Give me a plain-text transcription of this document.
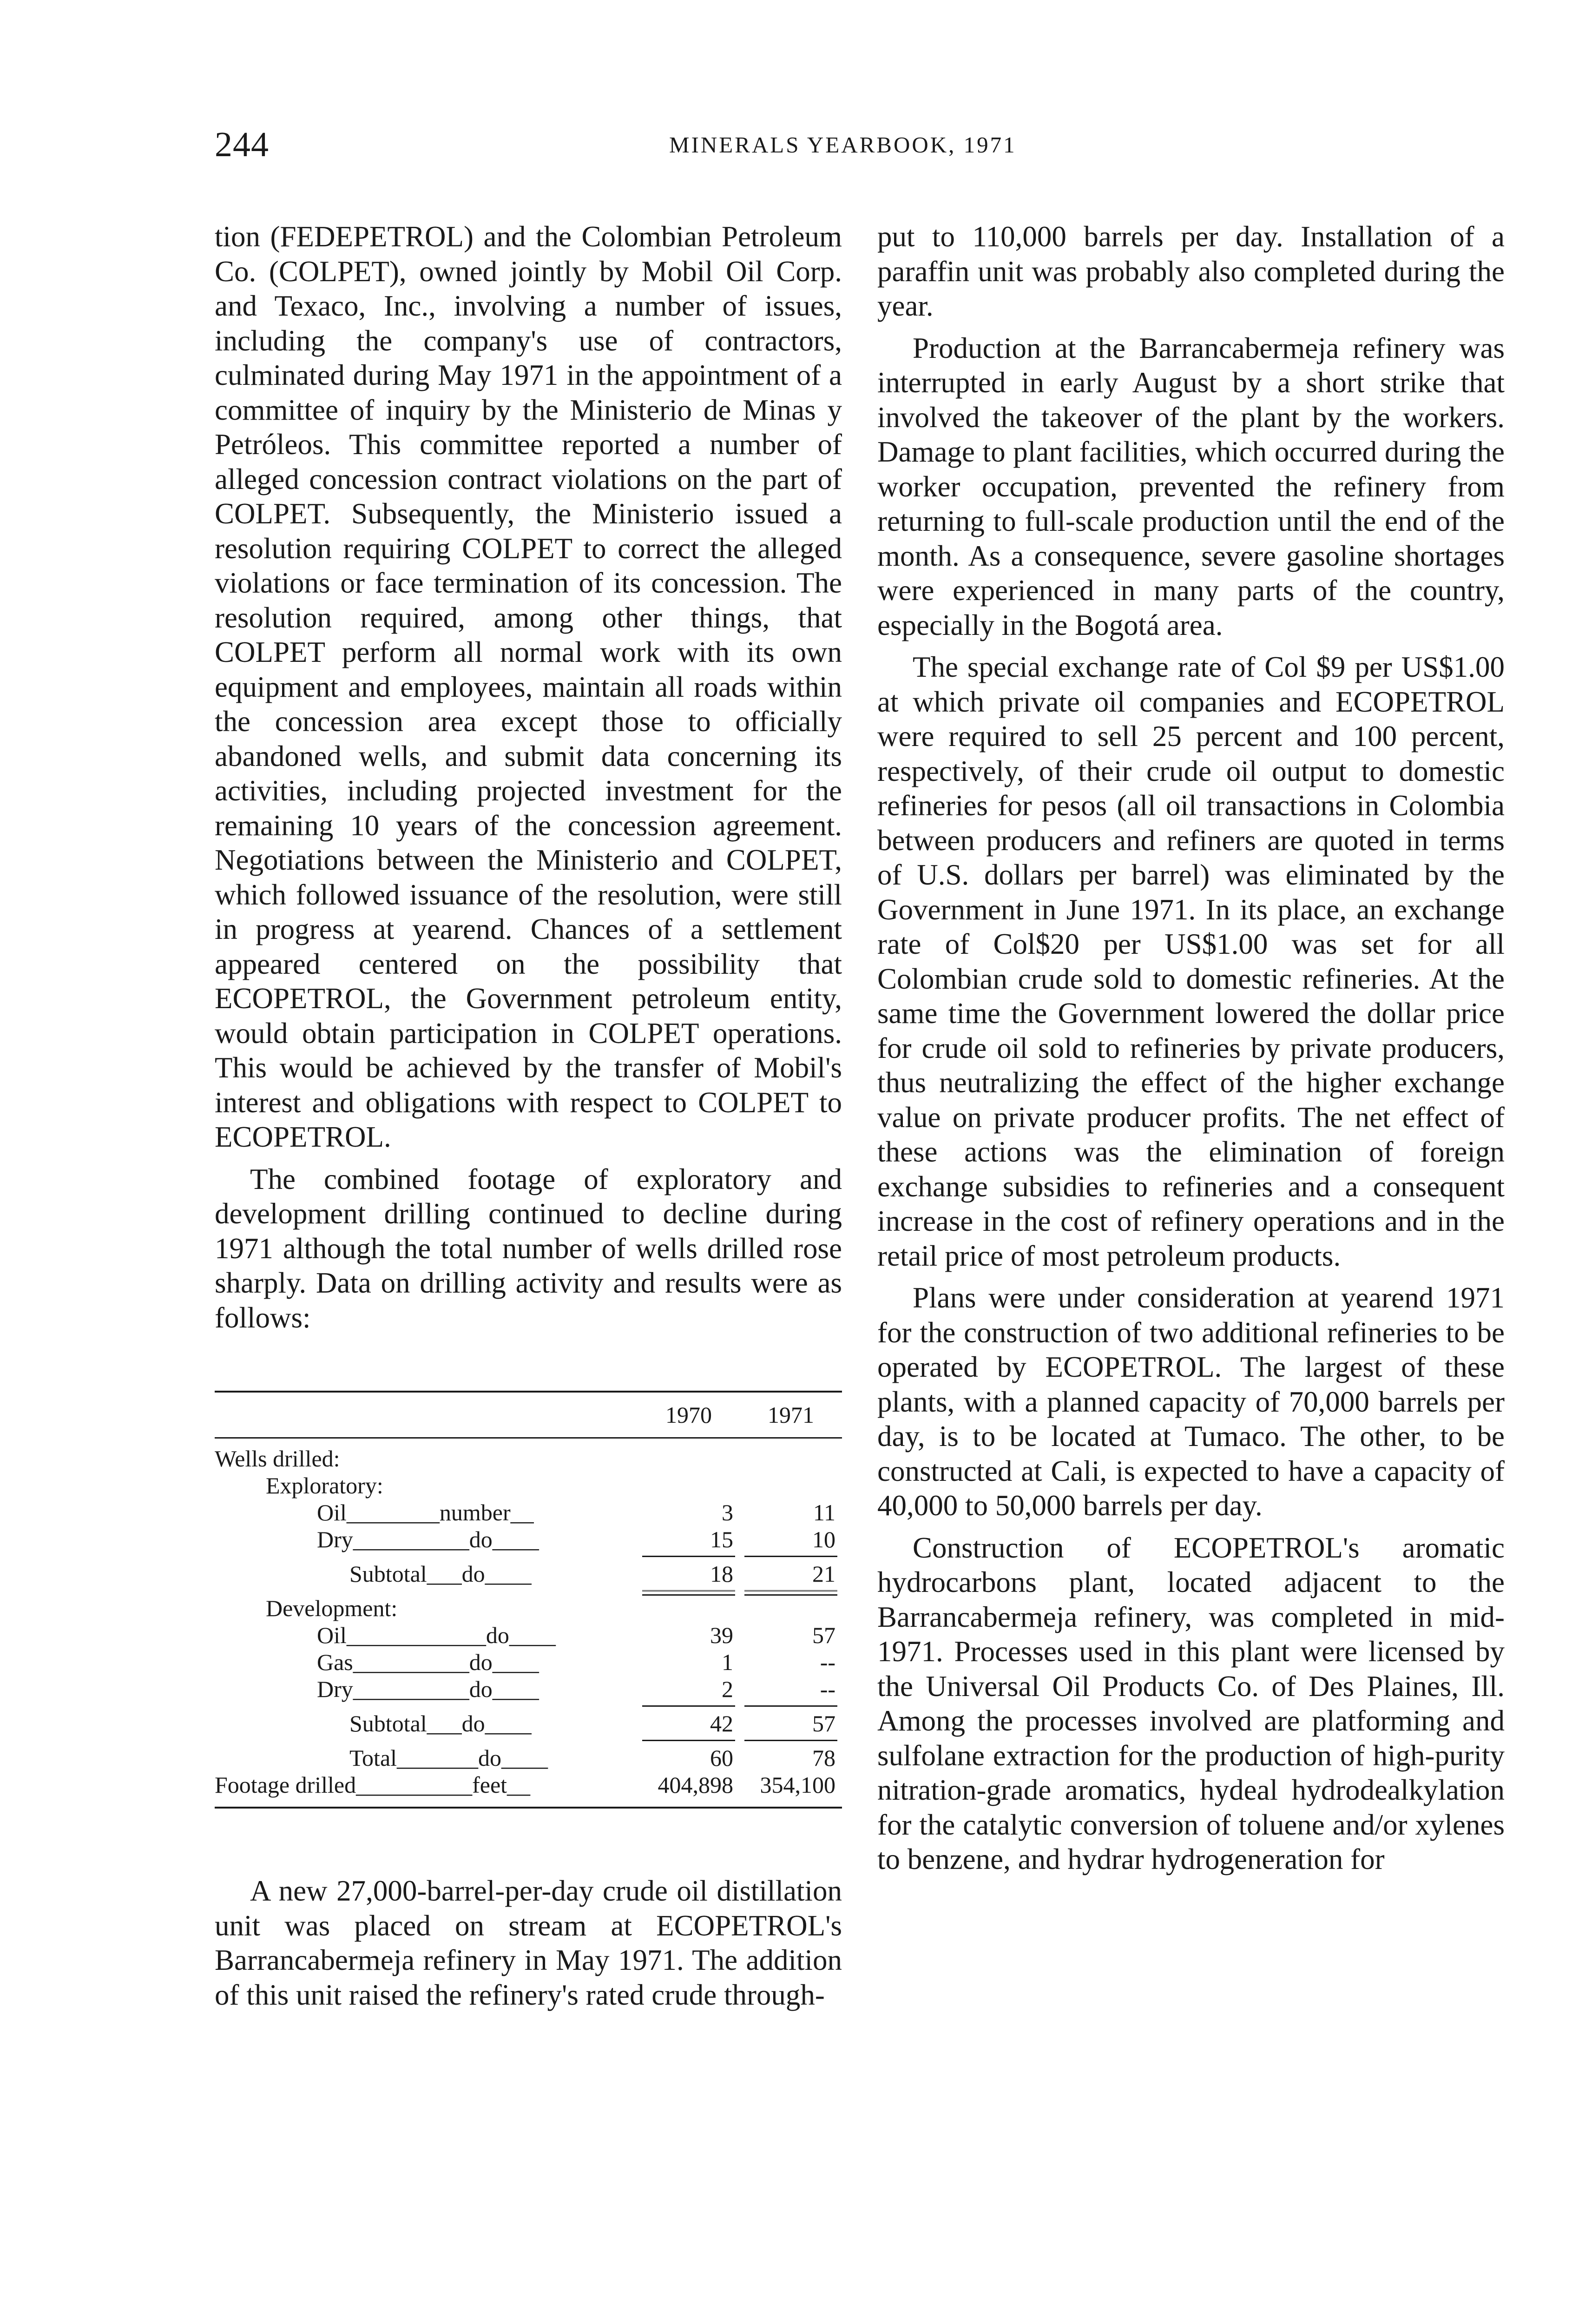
244	MINERALS YEARBOOK, 1971

tion (FEDEPETROL) and the Colombian Petroleum Co. (COLPET), owned jointly by Mobil Oil Corp. and Texaco, Inc., involving a number of issues, including the company's use of contractors, culminated during May 1971 in the appointment of a committee of inquiry by the Ministerio de Minas y Petróleos. This committee reported a number of alleged concession contract violations on the part of COLPET. Subsequently, the Ministerio issued a resolution requiring COLPET to correct the alleged violations or face termination of its concession. The resolution required, among other things, that COLPET perform all normal work with its own equipment and employees, maintain all roads within the concession area except those to officially abandoned wells, and submit data concerning its activities, including projected investment for the remaining 10 years of the concession agreement. Negotiations between the Ministerio and COLPET, which followed issuance of the resolution, were still in progress at yearend. Chances of a settlement appeared centered on the possibility that ECOPETROL, the Government petroleum entity, would obtain participation in COLPET operations. This would be achieved by the transfer of Mobil's interest and obligations with respect to COLPET to ECOPETROL.

The combined footage of exploratory and development drilling continued to decline during 1971 although the total number of wells drilled rose sharply. Data on drilling activity and results were as follows:

1970	1971
Wells drilled:
Exploratory:
Oil________number__	3	11
Dry__________do____	15	10
Subtotal___do____	18	21
Development:
Oil____________do____	39	57
Gas__________do____	1	--
Dry__________do____	2	--
Subtotal___do____	42	57
Total_______do____	60	78
Footage drilled__________feet__	404,898	354,100

A new 27,000-barrel-per-day crude oil distillation unit was placed on stream at ECOPETROL's Barrancabermeja refinery in May 1971. The addition of this unit raised the refinery's rated crude through-

put to 110,000 barrels per day. Installation of a paraffin unit was probably also completed during the year.

Production at the Barrancabermeja refinery was interrupted in early August by a short strike that involved the takeover of the plant by the workers. Damage to plant facilities, which occurred during the worker occupation, prevented the refinery from returning to full-scale production until the end of the month. As a consequence, severe gasoline shortages were experienced in many parts of the country, especially in the Bogotá area.

The special exchange rate of Col $9 per US$1.00 at which private oil companies and ECOPETROL were required to sell 25 percent and 100 percent, respectively, of their crude oil output to domestic refineries for pesos (all oil transactions in Colombia between producers and refiners are quoted in terms of U.S. dollars per barrel) was eliminated by the Government in June 1971. In its place, an exchange rate of Col$20 per US$1.00 was set for all Colombian crude sold to domestic refineries. At the same time the Government lowered the dollar price for crude oil sold to refineries by private producers, thus neutralizing the effect of the higher exchange value on private producer profits. The net effect of these actions was the elimination of foreign exchange subsidies to refineries and a consequent increase in the cost of refinery operations and in the retail price of most petroleum products.

Plans were under consideration at yearend 1971 for the construction of two additional refineries to be operated by ECOPETROL. The largest of these plants, with a planned capacity of 70,000 barrels per day, is to be located at Tumaco. The other, to be constructed at Cali, is expected to have a capacity of 40,000 to 50,000 barrels per day.

Construction of ECOPETROL's aromatic hydrocarbons plant, located adjacent to the Barrancabermeja refinery, was completed in mid-1971. Processes used in this plant were licensed by the Universal Oil Products Co. of Des Plaines, Ill. Among the processes involved are platforming and sulfolane extraction for the production of high-purity nitration-grade aromatics, hydeal hydrodealkylation for the catalytic conversion of toluene and/or xylenes to benzene, and hydrar hydrogeneration for
